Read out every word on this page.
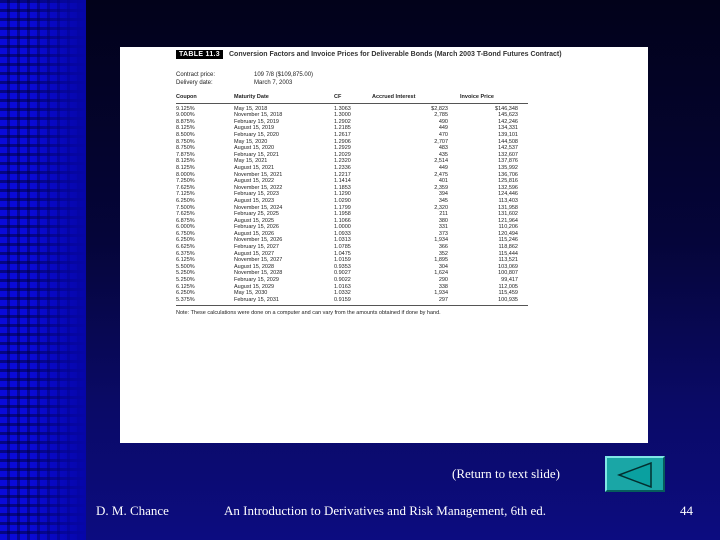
TABLE 11.3	Conversion Factors and Invoice Prices for Deliverable Bonds (March 2003 T-Bond Futures Contract)
Contract price:	109 7/8 ($109,875.00)
Delivery date:	March 7, 2003
Coupon	Maturity Date	CF	Accrued Interest	Invoice Price
9.125%	May 15, 2018	1.3063	$2,823	$146,348
9.000%	November 15, 2018	1.3000	2,785	145,623
8.875%	February 15, 2019	1.2902	490	142,246
8.125%	August 15, 2019	1.2185	449	134,331
8.500%	February 15, 2020	1.2617	470	139,101
8.750%	May 15, 2020	1.2906	2,707	144,508
8.750%	August 15, 2020	1.2929	483	142,537
7.875%	February 15, 2021	1.2029	435	132,607
8.125%	May 15, 2021	1.2320	2,514	137,876
8.125%	August 15, 2021	1.2336	449	135,992
8.000%	November 15, 2021	1.2217	2,475	136,706
7.250%	August 15, 2022	1.1414	401	125,816
7.625%	November 15, 2022	1.1853	2,359	132,596
7.125%	February 15, 2023	1.1290	394	124,446
6.250%	August 15, 2023	1.0290	345	113,403
7.500%	November 15, 2024	1.1799	2,320	131,958
7.625%	February 25, 2025	1.1958	211	131,602
6.875%	August 15, 2025	1.1066	380	121,964
6.000%	February 15, 2026	1.0000	331	110,206
6.750%	August 15, 2026	1.0933	373	120,494
6.250%	November 15, 2026	1.0313	1,934	115,246
6.625%	February 15, 2027	1.0785	366	118,862
6.375%	August 15, 2027	1.0475	352	115,444
6.125%	November 15, 2027	1.0159	1,895	113,521
5.500%	August 15, 2028	0.9353	304	103,069
5.250%	November 15, 2028	0.9027	1,624	100,807
5.250%	February 15, 2029	0.9022	290	99,417
6.125%	August 15, 2029	1.0163	338	112,005
6.250%	May 15, 2030	1.0332	1,934	115,459
5.375%	February 15, 2031	0.9159	297	100,935
Note: These calculations were done on a computer and can vary from the amounts obtained if done by hand.
(Return to text slide)
D. M. Chance	An Introduction to Derivatives and Risk Management, 6th ed.	44
